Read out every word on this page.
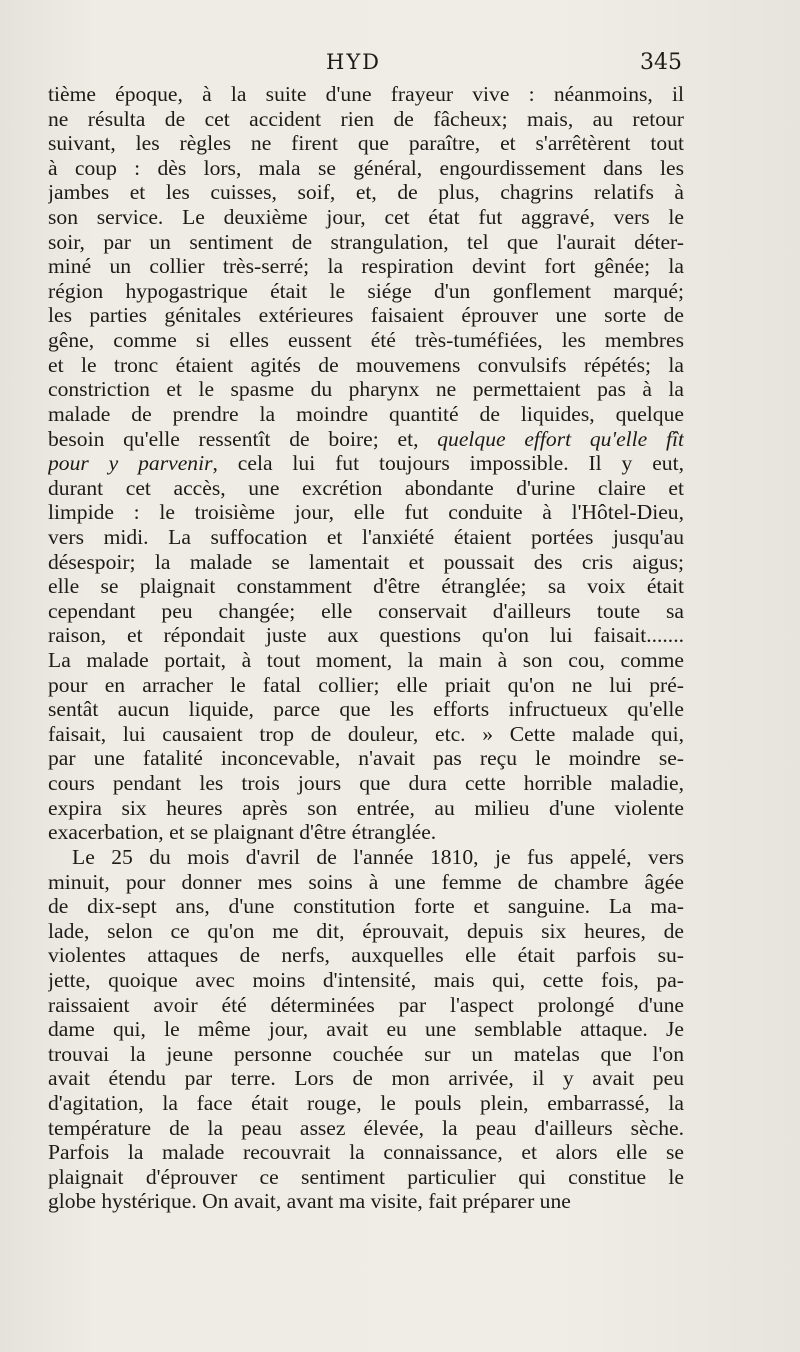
HYD	345
tième époque, à la suite d'une frayeur vive : néanmoins, il
ne résulta de cet accident rien de fâcheux; mais, au retour
suivant, les règles ne firent que paraître, et s'arrêtèrent tout
à coup : dès lors, mala se général, engourdissement dans les
jambes et les cuisses, soif, et, de plus, chagrins relatifs à
son service. Le deuxième jour, cet état fut aggravé, vers le
soir, par un sentiment de strangulation, tel que l'aurait déter-
miné un collier très-serré; la respiration devint fort gênée; la
région hypogastrique était le siége d'un gonflement marqué;
les parties génitales extérieures faisaient éprouver une sorte de
gêne, comme si elles eussent été très-tuméfiées, les membres
et le tronc étaient agités de mouvemens convulsifs répétés; la
constriction et le spasme du pharynx ne permettaient pas à la
malade de prendre la moindre quantité de liquides, quelque
besoin qu'elle ressentît de boire; et, quelque effort qu'elle fît
pour y parvenir, cela lui fut toujours impossible. Il y eut,
durant cet accès, une excrétion abondante d'urine claire et
limpide : le troisième jour, elle fut conduite à l'Hôtel-Dieu,
vers midi. La suffocation et l'anxiété étaient portées jusqu'au
désespoir; la malade se lamentait et poussait des cris aigus;
elle se plaignait constamment d'être étranglée; sa voix était
cependant peu changée; elle conservait d'ailleurs toute sa
raison, et répondait juste aux questions qu'on lui faisait.......
La malade portait, à tout moment, la main à son cou, comme
pour en arracher le fatal collier; elle priait qu'on ne lui pré-
sentât aucun liquide, parce que les efforts infructueux qu'elle
faisait, lui causaient trop de douleur, etc. » Cette malade qui,
par une fatalité inconcevable, n'avait pas reçu le moindre se-
cours pendant les trois jours que dura cette horrible maladie,
expira six heures après son entrée, au milieu d'une violente
exacerbation, et se plaignant d'être étranglée.
Le 25 du mois d'avril de l'année 1810, je fus appelé, vers
minuit, pour donner mes soins à une femme de chambre âgée
de dix-sept ans, d'une constitution forte et sanguine. La ma-
lade, selon ce qu'on me dit, éprouvait, depuis six heures, de
violentes attaques de nerfs, auxquelles elle était parfois su-
jette, quoique avec moins d'intensité, mais qui, cette fois, pa-
raissaient avoir été déterminées par l'aspect prolongé d'une
dame qui, le même jour, avait eu une semblable attaque. Je
trouvai la jeune personne couchée sur un matelas que l'on
avait étendu par terre. Lors de mon arrivée, il y avait peu
d'agitation, la face était rouge, le pouls plein, embarrassé, la
température de la peau assez élevée, la peau d'ailleurs sèche.
Parfois la malade recouvrait la connaissance, et alors elle se
plaignait d'éprouver ce sentiment particulier qui constitue le
globe hystérique. On avait, avant ma visite, fait préparer une
